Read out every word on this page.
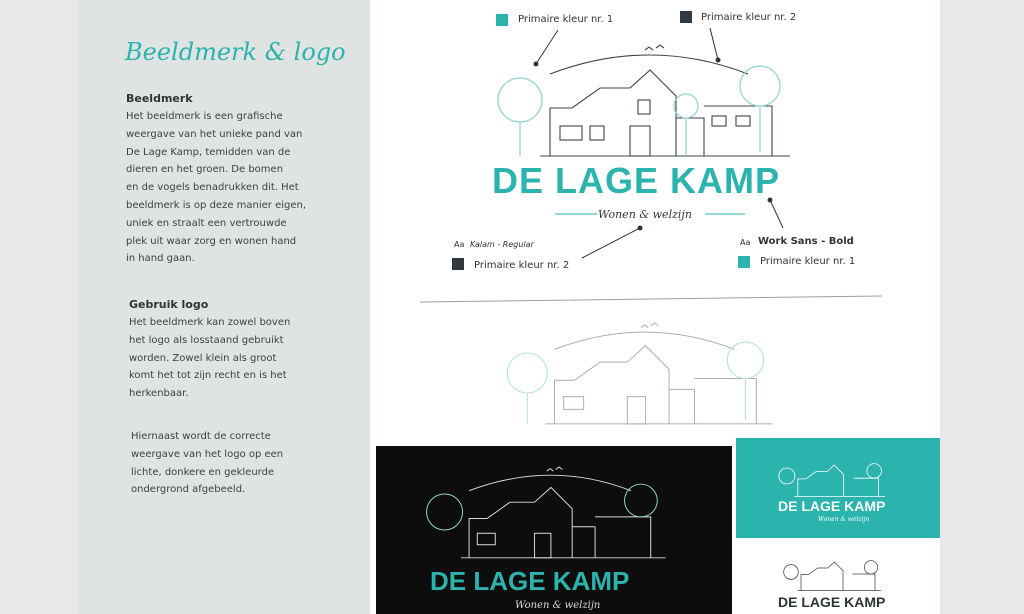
Beeldmerk & logo
Beeldmerk
Het beeldmerk is een grafische
weergave van het unieke pand van
De Lage Kamp, temidden van de
dieren en het groen. De bomen
en de vogels benadrukken dit. Het
beeldmerk is op deze manier eigen,
uniek en straalt een vertrouwde
plek uit waar zorg en wonen hand
in hand gaan.
Gebruik logo
Het beeldmerk kan zowel boven
het logo als losstaand gebruikt
worden. Zowel klein als groot
komt het tot zijn recht en is het
herkenbaar.
Hiernaast wordt de correcte
weergave van het logo op een
lichte, donkere en gekleurde
ondergrond afgebeeld.
Primaire kleur nr. 1	Primaire kleur nr. 2
DE LAGE KAMP
Wonen & welzijn
Aa Kalam - Regular
Primaire kleur nr. 2
Aa Work Sans - Bold
Primaire kleur nr. 1
DE LAGE KAMP
Wonen & welzijn
DE LAGE KAMP
Wonen & welzijn
DE LAGE KAMP
